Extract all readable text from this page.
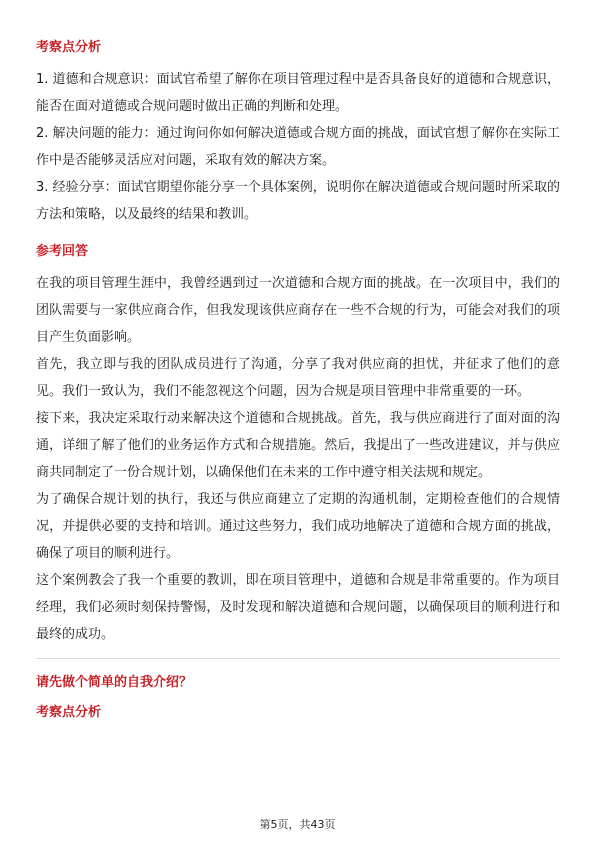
考察点分析

1. 道德和合规意识：面试官希望了解你在项目管理过程中是否具备良好的道德和合规意识，能否在面对道德或合规问题时做出正确的判断和处理。

2. 解决问题的能力：通过询问你如何解决道德或合规方面的挑战，面试官想了解你在实际工作中是否能够灵活应对问题，采取有效的解决方案。

3. 经验分享：面试官期望你能分享一个具体案例，说明你在解决道德或合规问题时所采取的方法和策略，以及最终的结果和教训。

参考回答

在我的项目管理生涯中，我曾经遇到过一次道德和合规方面的挑战。在一次项目中，我们的团队需要与一家供应商合作，但我发现该供应商存在一些不合规的行为，可能会对我们的项目产生负面影响。

首先，我立即与我的团队成员进行了沟通，分享了我对供应商的担忧，并征求了他们的意见。我们一致认为，我们不能忽视这个问题，因为合规是项目管理中非常重要的一环。

接下来，我决定采取行动来解决这个道德和合规挑战。首先，我与供应商进行了面对面的沟通，详细了解了他们的业务运作方式和合规措施。然后，我提出了一些改进建议，并与供应商共同制定了一份合规计划，以确保他们在未来的工作中遵守相关法规和规定。

为了确保合规计划的执行，我还与供应商建立了定期的沟通机制，定期检查他们的合规情况，并提供必要的支持和培训。通过这些努力，我们成功地解决了道德和合规方面的挑战，确保了项目的顺利进行。

这个案例教会了我一个重要的教训，即在项目管理中，道德和合规是非常重要的。作为项目经理，我们必须时刻保持警惕，及时发现和解决道德和合规问题，以确保项目的顺利进行和最终的成功。

请先做个简单的自我介绍？
考察点分析
第5页，共43页
